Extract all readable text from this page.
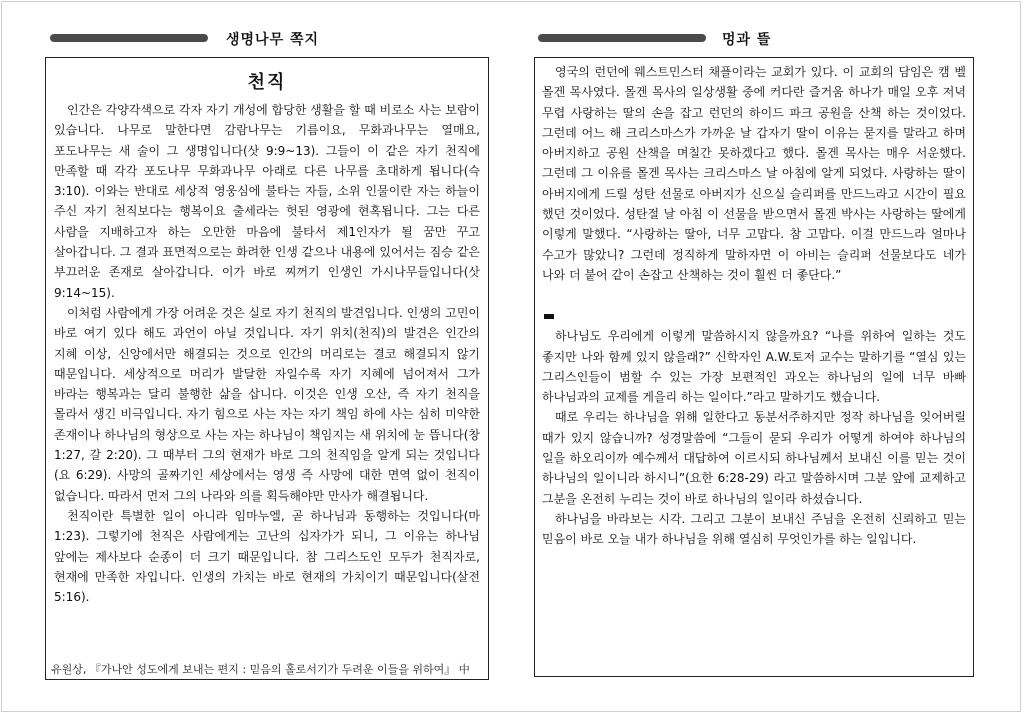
생명나무 쪽지	멍과 뜰
천직

인간은 각양각색으로 각자 자기 개성에 합당한 생활을 할 때 비로소 사는 보람이 있습니다. 나무로 말한다면 감람나무는 기름이요, 무화과나무는 열매요, 포도나무는 새 술이 그 생명입니다(삿 9:9~13). 그들이 이 같은 자기 천직에 만족할 때 각각 포도나무 무화과나무 아래로 다른 나무를 초대하게 됩니다(슥 3:10). 이와는 반대로 세상적 영웅심에 불타는 자들, 소위 인물이란 자는 하늘이 주신 자기 천직보다는 행복이요 출세라는 헛된 영광에 현혹됩니다. 그는 다른 사람을 지배하고자 하는 오만한 마음에 불타서 제1인자가 될 꿈만 꾸고 살아갑니다. 그 결과 표면적으로는 화려한 인생 같으나 내용에 있어서는 짐승 같은 부끄러운 존재로 살아갑니다. 이가 바로 찌꺼기 인생인 가시나무들입니다(삿 9:14~15).

이처럼 사람에게 가장 어려운 것은 실로 자기 천직의 발견입니다. 인생의 고민이 바로 여기 있다 해도 과언이 아닐 것입니다. 자기 위치(천직)의 발견은 인간의 지혜 이상, 신앙에서만 해결되는 것으로 인간의 머리로는 결코 해결되지 않기 때문입니다. 세상적으로 머리가 발달한 자일수록 자기 지혜에 넘어져서 그가 바라는 행복과는 달리 불행한 삶을 삽니다. 이것은 인생 오산, 즉 자기 천직을 몰라서 생긴 비극입니다. 자기 힘으로 사는 자는 자기 책임 하에 사는 심히 미약한 존재이나 하나님의 형상으로 사는 자는 하나님이 책임지는 새 위치에 눈 뜹니다(창 1:27, 갈 2:20). 그 때부터 그의 현재가 바로 그의 천직임을 알게 되는 것입니다(요 6:29). 사망의 골짜기인 세상에서는 영생 즉 사망에 대한 면역 없이 천직이 없습니다. 따라서 먼저 그의 나라와 의를 획득해야만 만사가 해결됩니다.

천직이란 특별한 일이 아니라 임마누엘, 곧 하나님과 동행하는 것입니다(마 1:23). 그렇기에 천직은 사람에게는 고난의 십자가가 되니, 그 이유는 하나님 앞에는 제사보다 순종이 더 크기 때문입니다. 참 그리스도인 모두가 천직자로, 현재에 만족한 자입니다. 인생의 가치는 바로 현재의 가치이기 때문입니다(살전 5:16).

유원상, 『가나안 성도에게 보내는 편지 : 믿음의 홀로서기가 두려운 이들을 위하여』 中

영국의 런던에 웨스트민스터 채플이라는 교회가 있다. 이 교회의 담임은 캠 벨 몰겐 목사였다. 몰겐 목사의 일상생활 중에 커다란 즐거움 하나가 매일 오후 저녁 무렵 사랑하는 딸의 손을 잡고 런던의 하이드 파크 공원을 산책 하는 것이었다. 그런데 어느 해 크리스마스가 가까운 날 갑자기 딸이 이유는 묻지를 말라고 하며 아버지하고 공원 산책을 며칠간 못하겠다고 했다. 몰겐 목사는 매우 서운했다. 그런데 그 이유를 몰겐 목사는 크리스마스 날 아침에 알게 되었다. 사랑하는 딸이 아버지에게 드릴 성탄 선물로 아버지가 신으실 슬리퍼를 만드느라고 시간이 필요 했던 것이었다. 성탄절 날 아침 이 선물을 받으면서 몰겐 박사는 사랑하는 딸에게 이렇게 말했다. “사랑하는 딸아, 너무 고맙다. 참 고맙다. 이걸 만드느라 얼마나 수고가 많았니? 그런데 정직하게 말하자면 이 아비는 슬리퍼 선물보다도 네가 나와 더 붙어 같이 손잡고 산책하는 것이 훨씬 더 좋단다.”

하나님도 우리에게 이렇게 말씀하시지 않을까요? “나를 위하여 일하는 것도 좋지만 나와 함께 있지 않을래?” 신학자인 A.W.토저 교수는 말하기를 “열심 있는 그리스인들이 범할 수 있는 가장 보편적인 과오는 하나님의 일에 너무 바빠 하나님과의 교제를 게을리 하는 일이다.”라고 말하기도 했습니다.

때로 우리는 하나님을 위해 일한다고 동분서주하지만 정작 하나님을 잊어버릴 때가 있지 않습니까? 성경말씀에 “그들이 묻되 우리가 어떻게 하여야 하나님의 일을 하오리이까 예수께서 대답하여 이르시되 하나님께서 보내신 이를 믿는 것이 하나님의 일이니라 하시니”(요한 6:28-29) 라고 말씀하시며 그분 앞에 교제하고 그분을 온전히 누리는 것이 바로 하나님의 일이라 하셨습니다.

하나님을 바라보는 시각. 그리고 그분이 보내신 주님을 온전히 신뢰하고 믿는 믿음이 바로 오늘 내가 하나님을 위해 열심히 무엇인가를 하는 일입니다.
